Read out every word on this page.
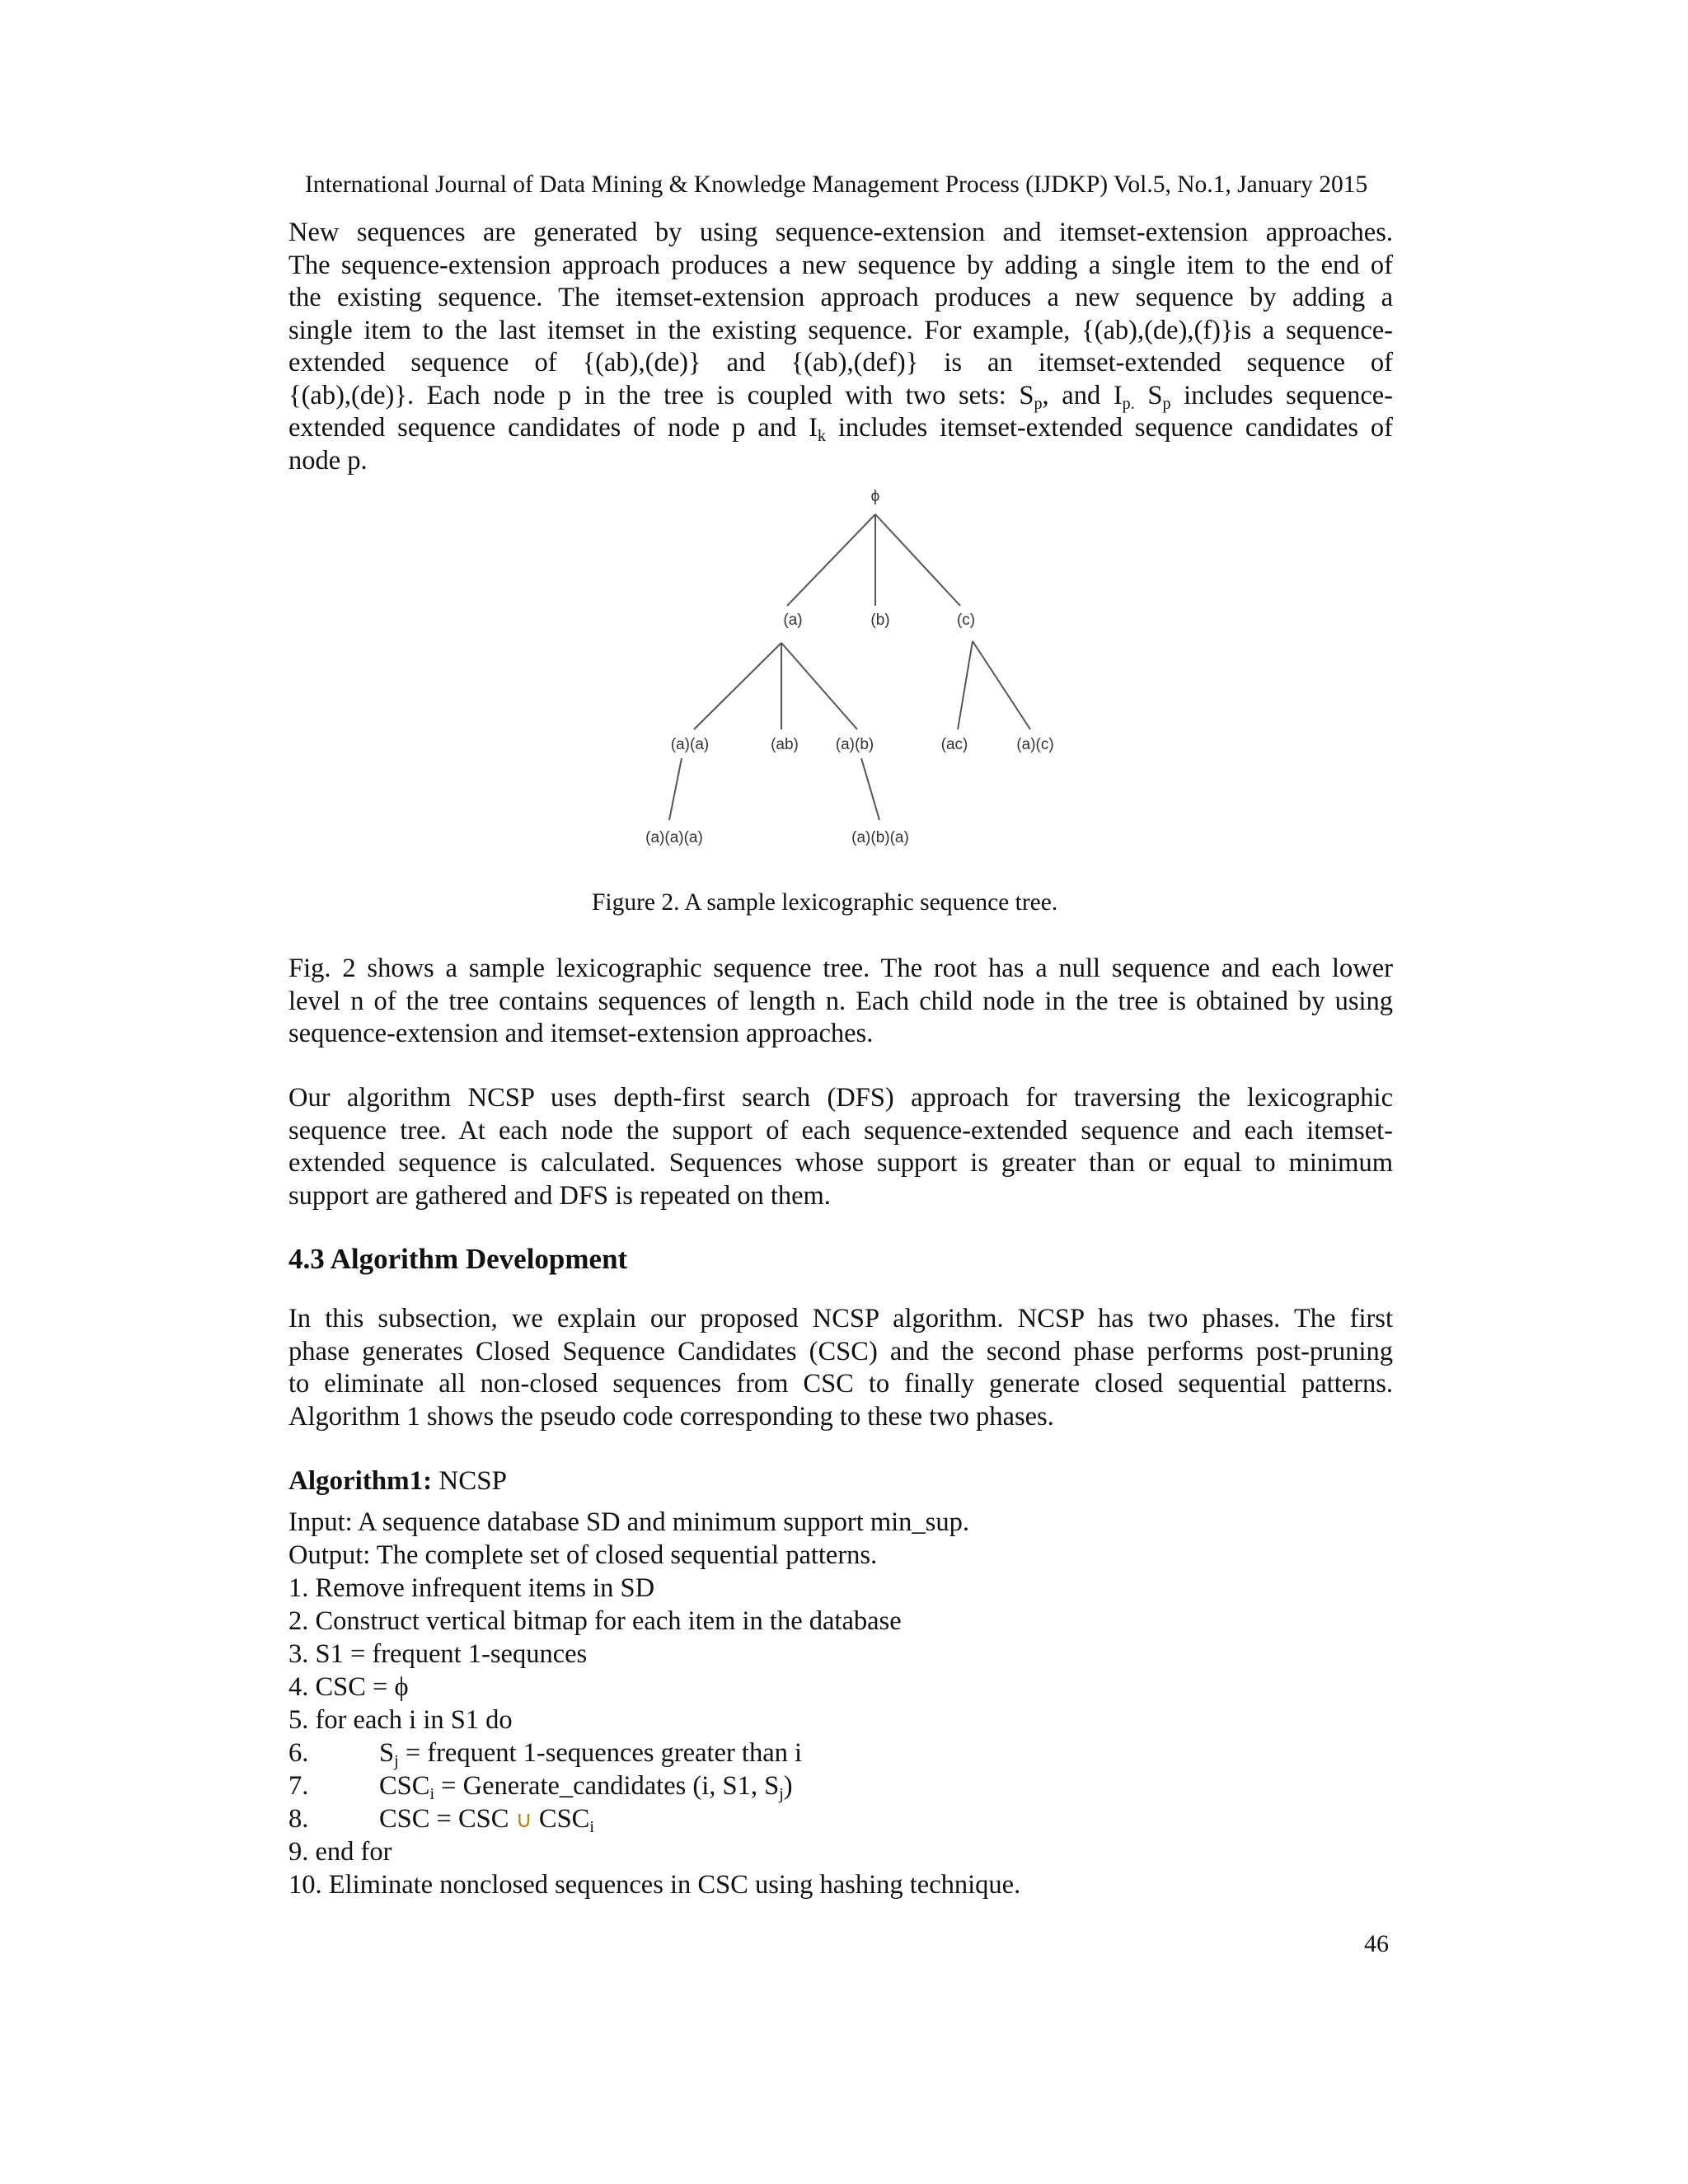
International Journal of Data Mining & Knowledge Management Process (IJDKP) Vol.5, No.1, January 2015
New sequences are generated by using sequence-extension and itemset-extension approaches.
The sequence-extension approach produces a new sequence by adding a single item to the end of
the existing sequence. The itemset-extension approach produces a new sequence by adding a
single item to the last itemset in the existing sequence. For example, {(ab),(de),(f)}is a sequence-
extended sequence of {(ab),(de)} and {(ab),(def)} is an itemset-extended sequence of
{(ab),(de)}. Each node p in the tree is coupled with two sets: $S_p$, and $I_{p.}$ $S_p$ includes sequence-
extended sequence candidates of node p and $I_k$ includes itemset-extended sequence candidates of
node p.
ϕ
(a)	(b)	(c)
(a)(a)	(ab) (a)(b)	(ac)	(a)(c)
(a)(a)(a)	(a)(b)(a)
Figure 2. A sample lexicographic sequence tree.
Fig. 2 shows a sample lexicographic sequence tree. The root has a null sequence and each lower
level n of the tree contains sequences of length n. Each child node in the tree is obtained by using
sequence-extension and itemset-extension approaches.
Our algorithm NCSP uses depth-first search (DFS) approach for traversing the lexicographic
sequence tree. At each node the support of each sequence-extended sequence and each itemset-
extended sequence is calculated. Sequences whose support is greater than or equal to minimum
support are gathered and DFS is repeated on them.
4.3 Algorithm Development
In this subsection, we explain our proposed NCSP algorithm. NCSP has two phases. The first
phase generates Closed Sequence Candidates (CSC) and the second phase performs post-pruning
to eliminate all non-closed sequences from CSC to finally generate closed sequential patterns.
Algorithm 1 shows the pseudo code corresponding to these two phases.
Algorithm1: NCSP
Input: A sequence database SD and minimum support min_sup.
Output: The complete set of closed sequential patterns.
1. Remove infrequent items in SD
2. Construct vertical bitmap for each item in the database
3. S1 = frequent 1-sequnces
4. CSC = ϕ
5. for each i in S1 do
6.	$S_j$ = frequent 1-sequences greater than i
7.	$CSC_i$ = Generate_candidates (i, S1, $S_j$)
8.	CSC = CSC ∪ $CSC_i$
9. end for
10. Eliminate nonclosed sequences in CSC using hashing technique.
46
